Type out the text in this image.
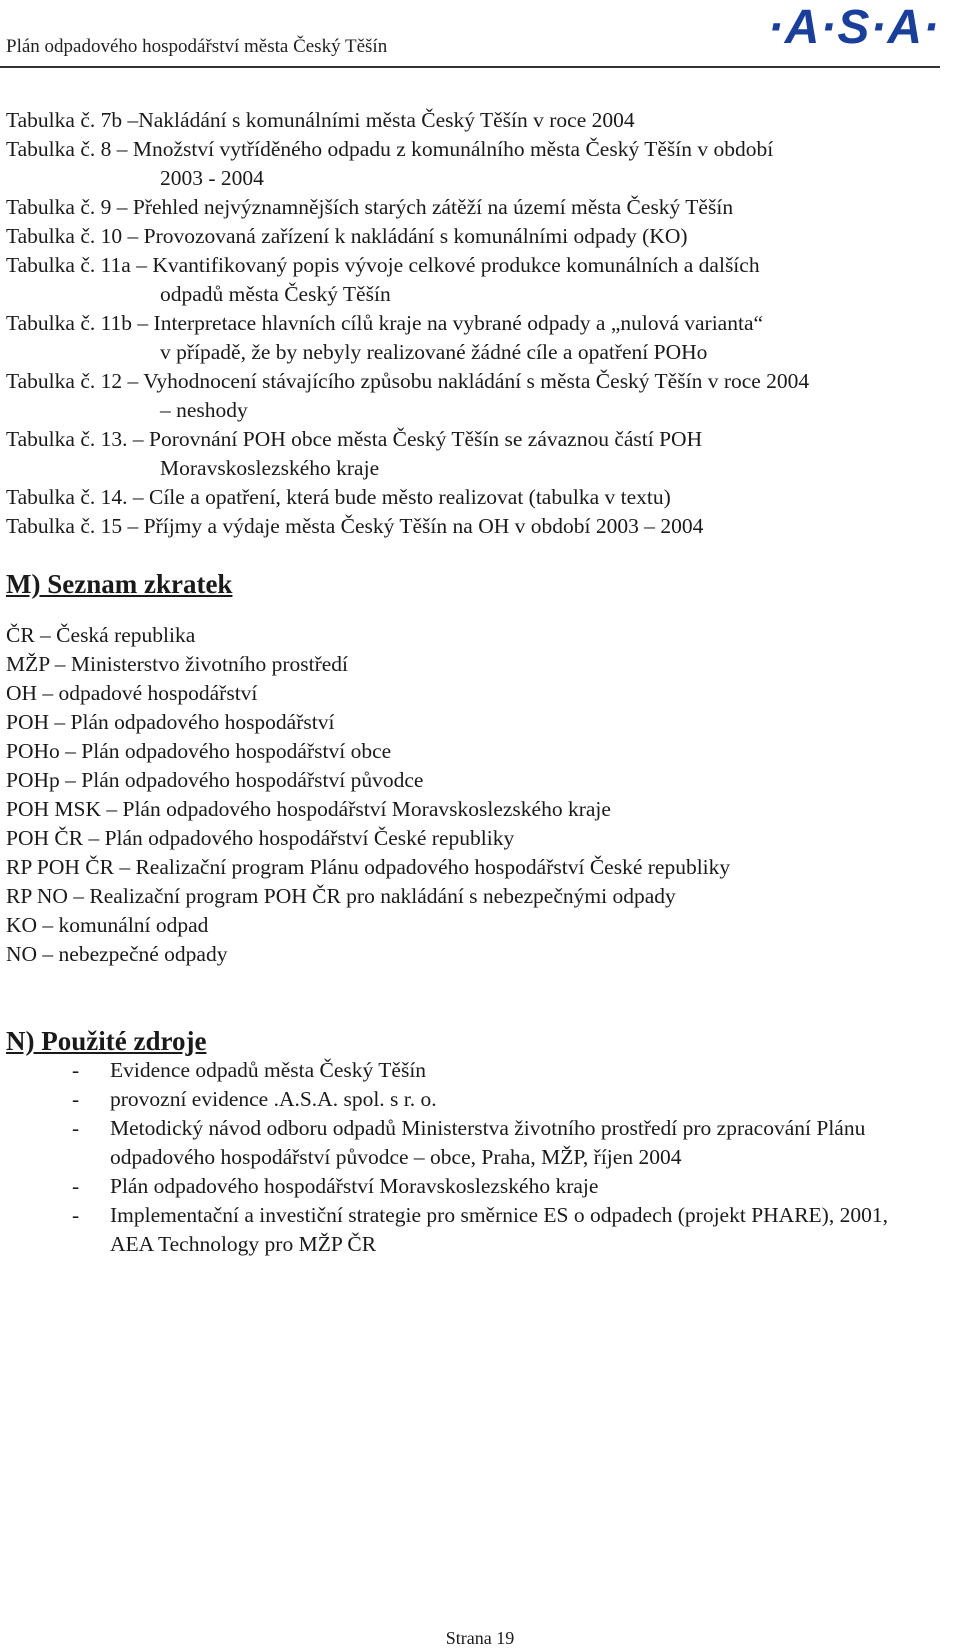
Plán odpadového hospodářství města Český Těšín	·A·S·A·
Tabulka č. 7b –Nakládání s komunálními města Český Těšín v roce 2004
Tabulka č. 8 – Množství vytříděného odpadu z komunálního města Český Těšín v období
2003 - 2004
Tabulka č. 9 – Přehled nejvýznamnějších starých zátěží na území města Český Těšín
Tabulka č. 10 – Provozovaná zařízení k nakládání s komunálními odpady (KO)
Tabulka č. 11a – Kvantifikovaný popis vývoje celkové produkce komunálních a dalších
odpadů města Český Těšín
Tabulka č. 11b – Interpretace hlavních cílů kraje na vybrané odpady a „nulová varianta“
v případě, že by nebyly realizované žádné cíle a opatření POHo
Tabulka č. 12 – Vyhodnocení stávajícího způsobu nakládání s města Český Těšín v roce 2004
– neshody
Tabulka č. 13. – Porovnání POH obce města Český Těšín se závaznou částí POH
Moravskoslezského kraje
Tabulka č. 14. – Cíle a opatření, která bude město realizovat (tabulka v textu)
Tabulka č. 15 – Příjmy a výdaje města Český Těšín na OH v období 2003 – 2004
M) Seznam zkratek
ČR – Česká republika
MŽP – Ministerstvo životního prostředí
OH – odpadové hospodářství
POH – Plán odpadového hospodářství
POHo – Plán odpadového hospodářství obce
POHp – Plán odpadového hospodářství původce
POH MSK – Plán odpadového hospodářství Moravskoslezského kraje
POH ČR – Plán odpadového hospodářství České republiky
RP POH ČR – Realizační program Plánu odpadového hospodářství České republiky
RP NO – Realizační program POH ČR pro nakládání s nebezpečnými odpady
KO – komunální odpad
NO – nebezpečné odpady
N) Použité zdroje
-	Evidence odpadů města Český Těšín
-	provozní evidence .A.S.A. spol. s r. o.
-	Metodický návod odboru odpadů Ministerstva životního prostředí pro zpracování Plánu odpadového hospodářství původce – obce, Praha, MŽP, říjen 2004
-	Plán odpadového hospodářství Moravskoslezského kraje
-	Implementační a investiční strategie pro směrnice ES o odpadech (projekt PHARE), 2001, AEA Technology pro MŽP ČR
Strana 19
